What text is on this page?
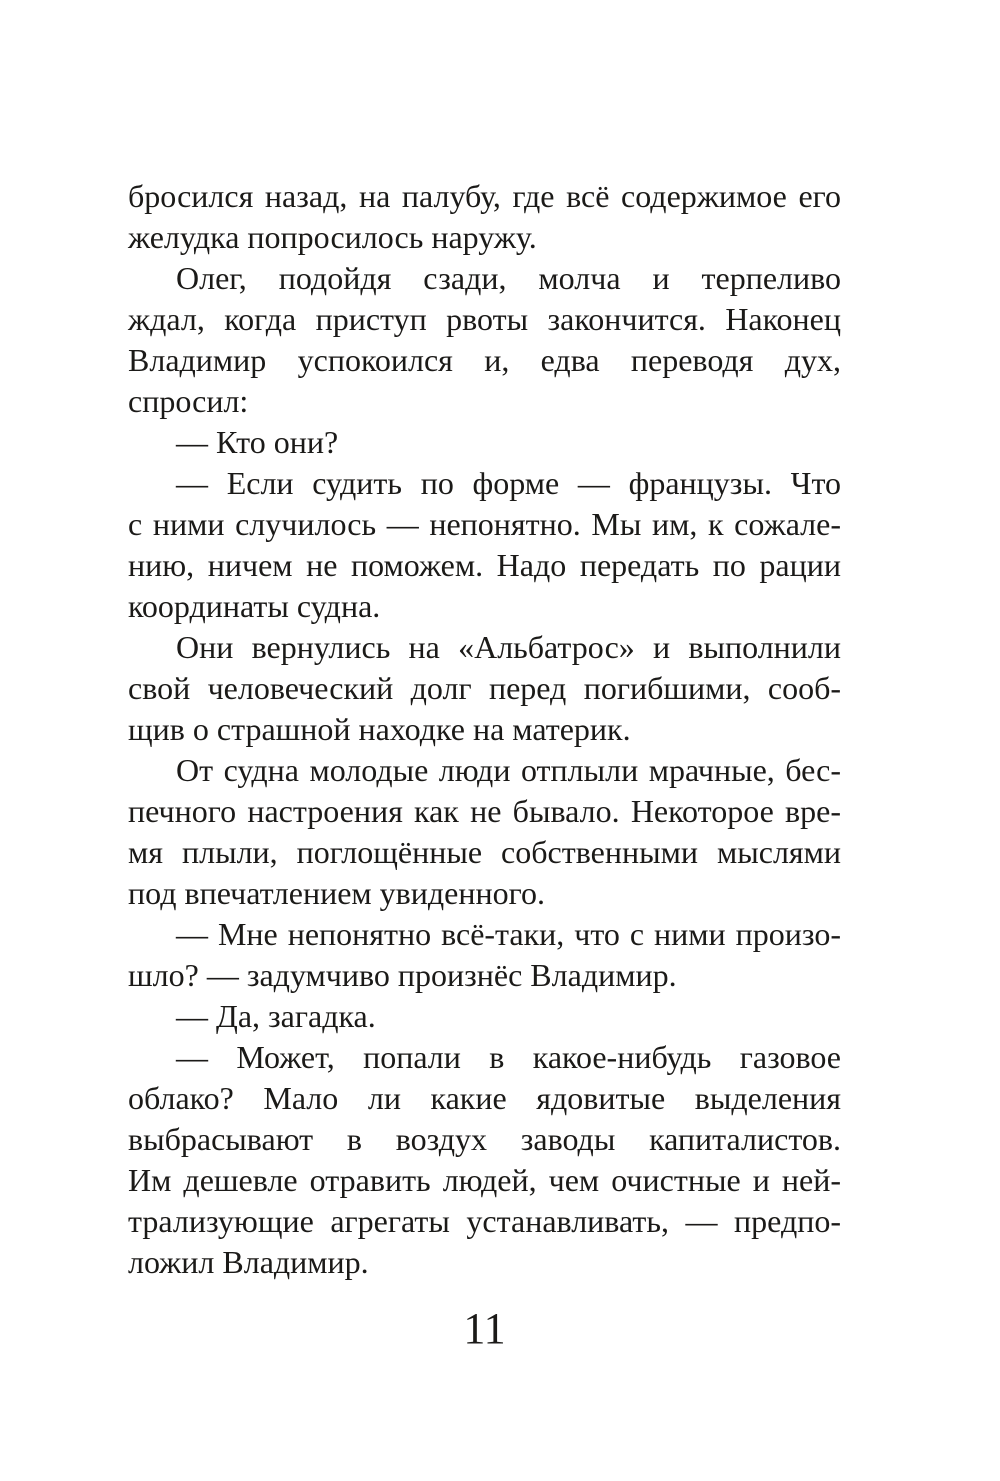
бросился назад, на палубу, где всё содержимое его
желудка попросилось наружу.
Олег, подойдя сзади, молча и терпеливо
ждал, когда приступ рвоты закончится. Наконец
Владимир успокоился и, едва переводя дух,
спросил:
— Кто они?
— Если судить по форме — французы. Что
с ними случилось — непонятно. Мы им, к сожале-
нию, ничем не поможем. Надо передать по рации
координаты судна.
Они вернулись на «Альбатрос» и выполнили
свой человеческий долг перед погибшими, сооб-
щив о страшной находке на материк.
От судна молодые люди отплыли мрачные, бес-
печного настроения как не бывало. Некоторое вре-
мя плыли, поглощённые собственными мыслями
под впечатлением увиденного.
— Мне непонятно всё-таки, что с ними произо-
шло? — задумчиво произнёс Владимир.
— Да, загадка.
— Может, попали в какое-нибудь газовое
облако? Мало ли какие ядовитые выделения
выбрасывают в воздух заводы капиталистов.
Им дешевле отравить людей, чем очистные и ней-
трализующие агрегаты устанавливать, — предпо-
ложил Владимир.
11
